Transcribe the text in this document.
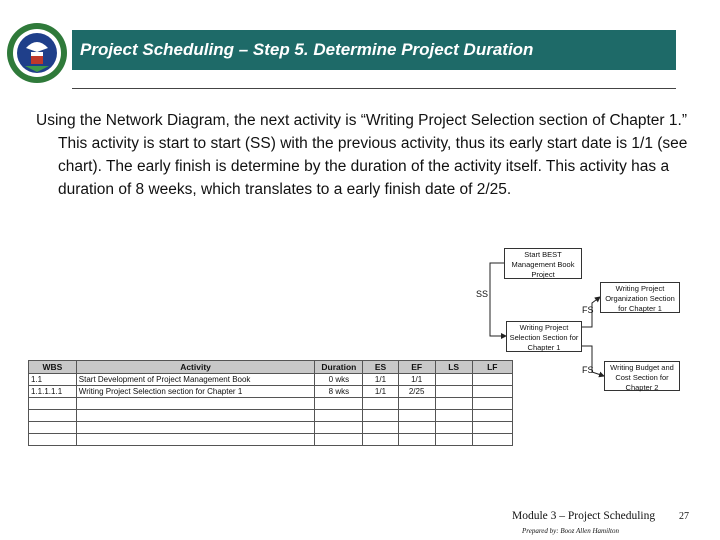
Project Scheduling – Step 5. Determine Project Duration
Using the Network Diagram, the next activity is “Writing Project Selection section of Chapter 1.” This activity is start to start (SS) with the previous activity, thus its early start date is 1/1 (see chart). The early finish is determine by the duration of the activity itself. This activity has a duration of 8 weeks, which translates to a early finish date of 2/25.
Start BEST Management Book Project
Writing Project Organization Section for Chapter 1
Writing Project Selection Section for Chapter 1
Writing Budget and Cost Section for Chapter 2
SS
FS
FS
WBS	Activity	Duration	ES	EF	LS	LF
1.1	Start Development of Project Management Book	0 wks	1/1	1/1		
1.1.1.1.1	Writing Project Selection section for Chapter 1	8 wks	1/1	2/25		

Module 3 – Project Scheduling
Prepared by: Booz Allen Hamilton
27
